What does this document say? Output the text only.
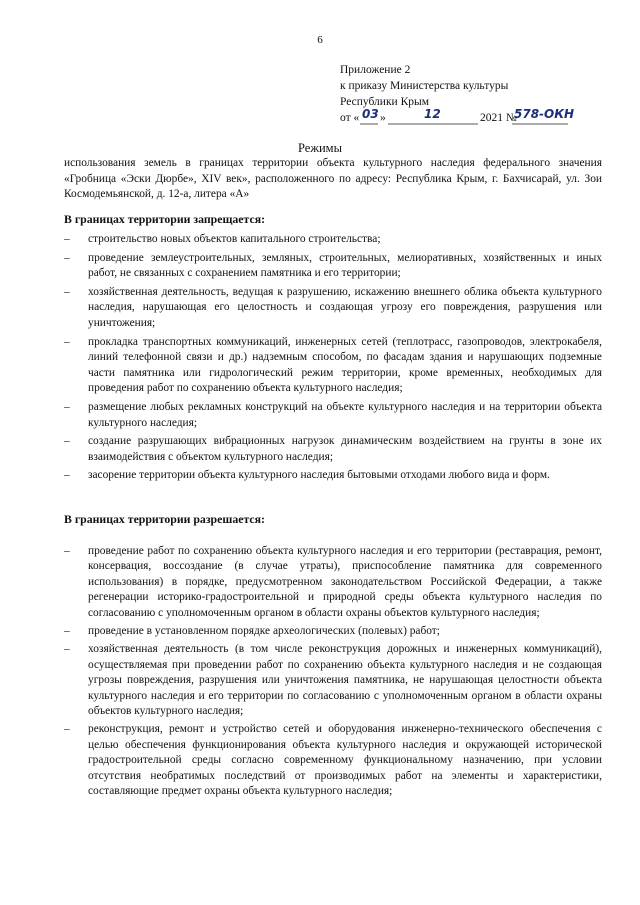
6
Приложение 2
к приказу Министерства культуры
Республики Крым
от « 03 »	12	2021 №
578-ОКН
Режимы

использования земель в границах территории объекта культурного наследия федерального значения «Гробница «Эски Дюрбе», XIV век», расположенного по адресу: Республика Крым, г. Бахчисарай, ул. Зои Космодемьянской, д. 12-а, литера «А»

В границах территории запрещается:
– строительство новых объектов капитального строительства;
– проведение землеустроительных, земляных, строительных, мелиоративных, хозяйственных и иных работ, не связанных с сохранением памятника и его территории;
– хозяйственная деятельность, ведущая к разрушению, искажению внешнего облика объекта культурного наследия, нарушающая его целостность и создающая угрозу его повреждения, разрушения или уничтожения;
– прокладка транспортных коммуникаций, инженерных сетей (теплотрасс, газопроводов, электрокабеля, линий телефонной связи и др.) надземным способом, по фасадам здания и нарушающих подземные части памятника или гидрологический режим территории, кроме временных, необходимых для проведения работ по сохранению объекта культурного наследия;
– размещение любых рекламных конструкций на объекте культурного наследия и на территории объекта культурного наследия;
– создание разрушающих вибрационных нагрузок динамическим воздействием на грунты в зоне их взаимодействия с объектом культурного наследия;
– засорение территории объекта культурного наследия бытовыми отходами любого вида и форм.
В границах территории разрешается:
– проведение работ по сохранению объекта культурного наследия и его территории (реставрация, ремонт, консервация, воссоздание (в случае утраты), приспособление памятника для современного использования) в порядке, предусмотренном законодательством Российской Федерации, а также регенерации историко-градостроительной и природной среды объекта культурного наследия по согласованию с уполномоченным органом в области охраны объектов культурного наследия;
– проведение в установленном порядке археологических (полевых) работ;
– хозяйственная деятельность (в том числе реконструкция дорожных и инженерных коммуникаций), осуществляемая при проведении работ по сохранению объекта культурного наследия и не создающая угрозы повреждения, разрушения или уничтожения памятника, не нарушающая целостности объекта культурного наследия и его территории по согласованию с уполномоченным органом в области охраны объектов культурного наследия;
– реконструкция, ремонт и устройство сетей и оборудования инженерно-технического обеспечения с целью обеспечения функционирования объекта культурного наследия и окружающей исторической градостроительной среды согласно современному функциональному назначению, при условии отсутствия необратимых последствий от производимых работ на элементы и характеристики, составляющие предмет охраны объекта культурного наследия;
